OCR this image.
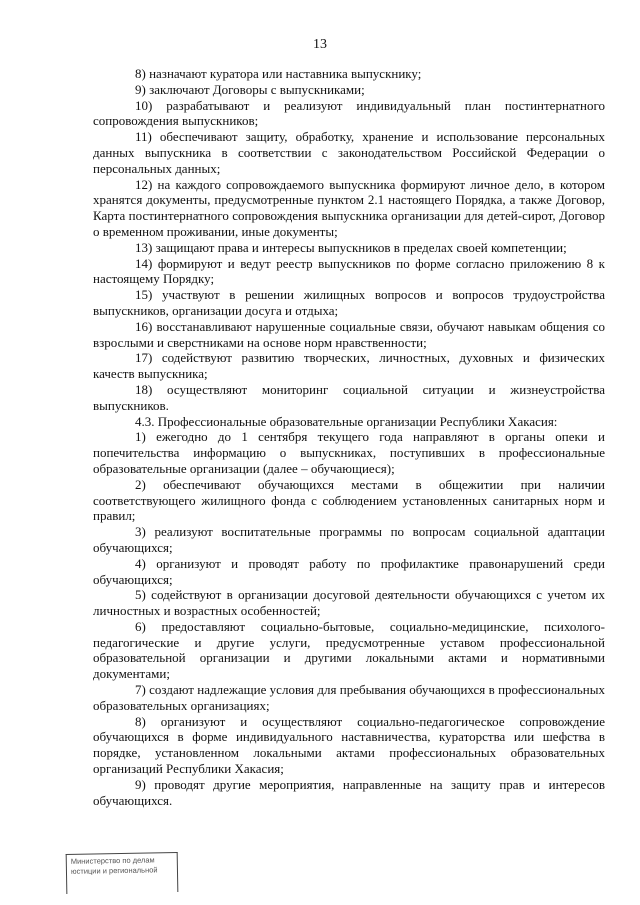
13

8) назначают куратора или наставника выпускнику;

9) заключают Договоры с выпускниками;

10) разрабатывают и реализуют индивидуальный план постинтернатного сопровождения выпускников;

11) обеспечивают защиту, обработку, хранение и использование персональных данных выпускника в соответствии с законодательством Российской Федерации о персональных данных;

12) на каждого сопровождаемого выпускника формируют личное дело, в котором хранятся документы, предусмотренные пунктом 2.1 настоящего Порядка, а также Договор, Карта постинтернатного сопровождения выпускника организации для детей-сирот, Договор о временном проживании, иные документы;

13) защищают права и интересы выпускников в пределах своей компетенции;

14) формируют и ведут реестр выпускников по форме согласно приложению 8 к настоящему Порядку;

15) участвуют в решении жилищных вопросов и вопросов трудоустройства выпускников, организации досуга и отдыха;

16) восстанавливают нарушенные социальные связи, обучают навыкам общения со взрослыми и сверстниками на основе норм нравственности;

17) содействуют развитию творческих, личностных, духовных и физических качеств выпускника;

18) осуществляют мониторинг социальной ситуации и жизнеустройства выпускников.

4.3. Профессиональные образовательные организации Республики Хакасия:

1) ежегодно до 1 сентября текущего года направляют в органы опеки и попечительства информацию о выпускниках, поступивших в профессиональные образовательные организации (далее – обучающиеся);

2) обеспечивают обучающихся местами в общежитии при наличии соответствующего жилищного фонда с соблюдением установленных санитарных норм и правил;

3) реализуют воспитательные программы по вопросам социальной адаптации обучающихся;

4) организуют и проводят работу по профилактике правонарушений среди обучающихся;

5) содействуют в организации досуговой деятельности обучающихся с учетом их личностных и возрастных особенностей;

6) предоставляют социально-бытовые, социально-медицинские, психолого-педагогические и другие услуги, предусмотренные уставом профессиональной образовательной организации и другими локальными актами и нормативными документами;

7) создают надлежащие условия для пребывания обучающихся в профессиональных образовательных организациях;

8) организуют и осуществляют социально-педагогическое сопровождение обучающихся в форме индивидуального наставничества, кураторства или шефства в порядке, установленном локальными актами профессиональных образовательных организаций Республики Хакасия;

9) проводят другие мероприятия, направленные на защиту прав и интересов обучающихся.

Министерство по делам
юстиции и региональной
